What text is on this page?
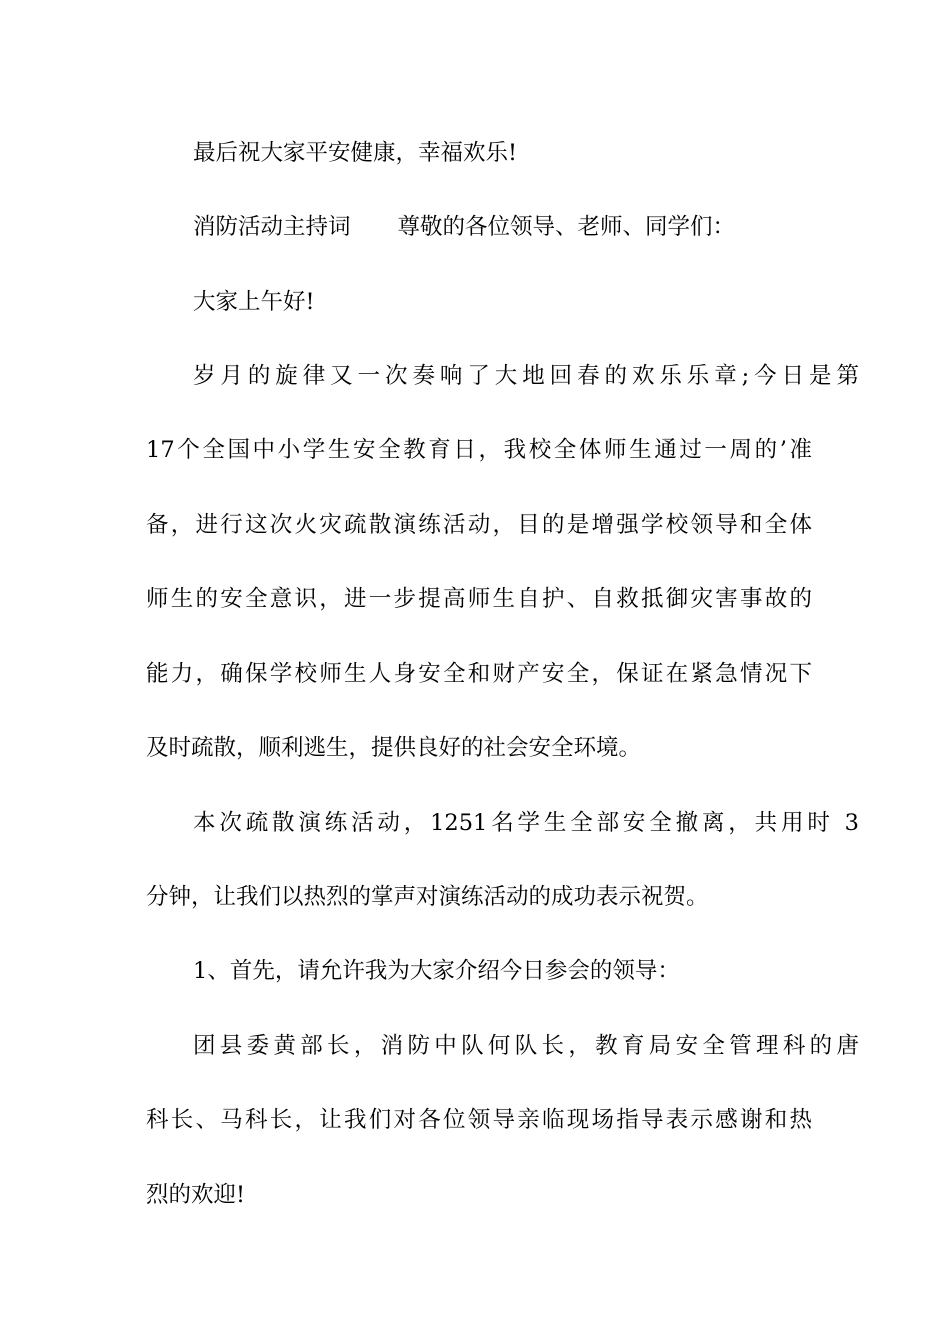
最后祝大家平安健康，幸福欢乐!
消防活动主持词 尊敬的各位领导、老师、同学们：
大家上午好!
岁月的旋律又一次奏响了大地回春的欢乐乐章;今日是第
17个全国中小学生安全教育日，我校全体师生通过一周的’准
备，进行这次火灾疏散演练活动，目的是增强学校领导和全体
师生的安全意识，进一步提高师生自护、自救抵御灾害事故的
能力，确保学校师生人身安全和财产安全，保证在紧急情况下
及时疏散，顺利逃生，提供良好的社会安全环境。
本次疏散演练活动，1251名学生全部安全撤离，共用时 3
分钟，让我们以热烈的掌声对演练活动的成功表示祝贺。
1、首先，请允许我为大家介绍今日参会的领导：
团县委黄部长，消防中队何队长，教育局安全管理科的唐
科长、马科长，让我们对各位领导亲临现场指导表示感谢和热
烈的欢迎!
